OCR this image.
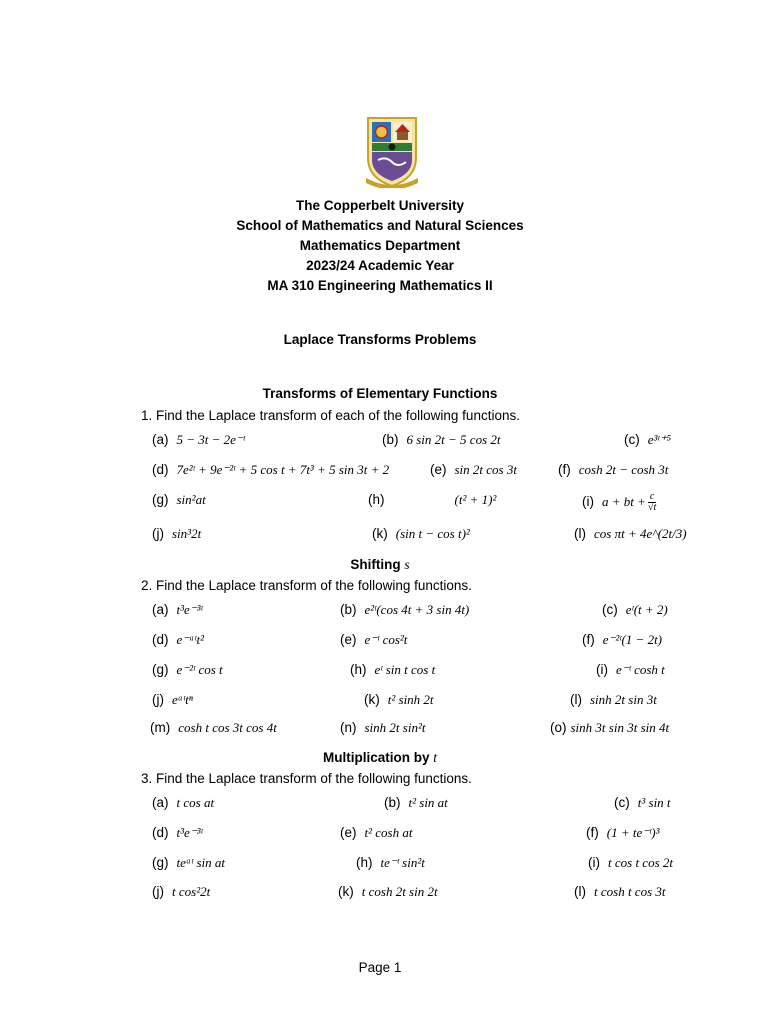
The Copperbelt University
School of Mathematics and Natural Sciences
Mathematics Department
2023/24 Academic Year
MA 310 Engineering Mathematics II
Laplace Transforms Problems
Transforms of Elementary Functions
1. Find the Laplace transform of each of the following functions.
(a) 5 − 3t − 2e⁻ᵗ	(b) 6 sin 2t − 5 cos 2t	(c) e³ᵗ⁺⁵
(d) 7e²ᵗ + 9e⁻²ᵗ + 5 cos t + 7t³ + 5 sin 3t + 2	(e) sin 2t cos 3t	(f) cosh 2t − cosh 3t
(g) sin²at	(h)	(t² + 1)²	(i) a + bt + $\frac{c}{√t}$
(j) sin³2t	(k) (sin t − cos t)²	(l) cos πt + 4e^(2t/3)
Shifting s
2. Find the Laplace transform of the following functions.
(a) t³e⁻³ᵗ	(b) e²ᵗ(cos 4t + 3 sin 4t)	(c) eᵗ(t + 2)
(d) e⁻ᵃᵗt²	(e) e⁻ᵗ cos²t	(f) e⁻²ᵗ(1 − 2t)
(g) e⁻²ᵗ cos t	(h) eᵗ sin t cos t	(i) e⁻ᵗ cosh t
(j) eᵃᵗtⁿ	(k) t² sinh 2t	(l) sinh 2t sin 3t
(m) cosh t cos 3t cos 4t	(n) sinh 2t sin²t	(o) sinh 3t sin 3t sin 4t
Multiplication by t
3. Find the Laplace transform of the following functions.
(a) t cos at	(b) t² sin at	(c) t³ sin t
(d) t³e⁻³ᵗ	(e) t² cosh at	(f) (1 + te⁻ᵗ)³
(g) teᵃᵗ sin at	(h) te⁻ᵗ sin²t	(i) t cos t cos 2t
(j) t cos²2t	(k) t cosh 2t sin 2t	(l) t cosh t cos 3t
Page 1
